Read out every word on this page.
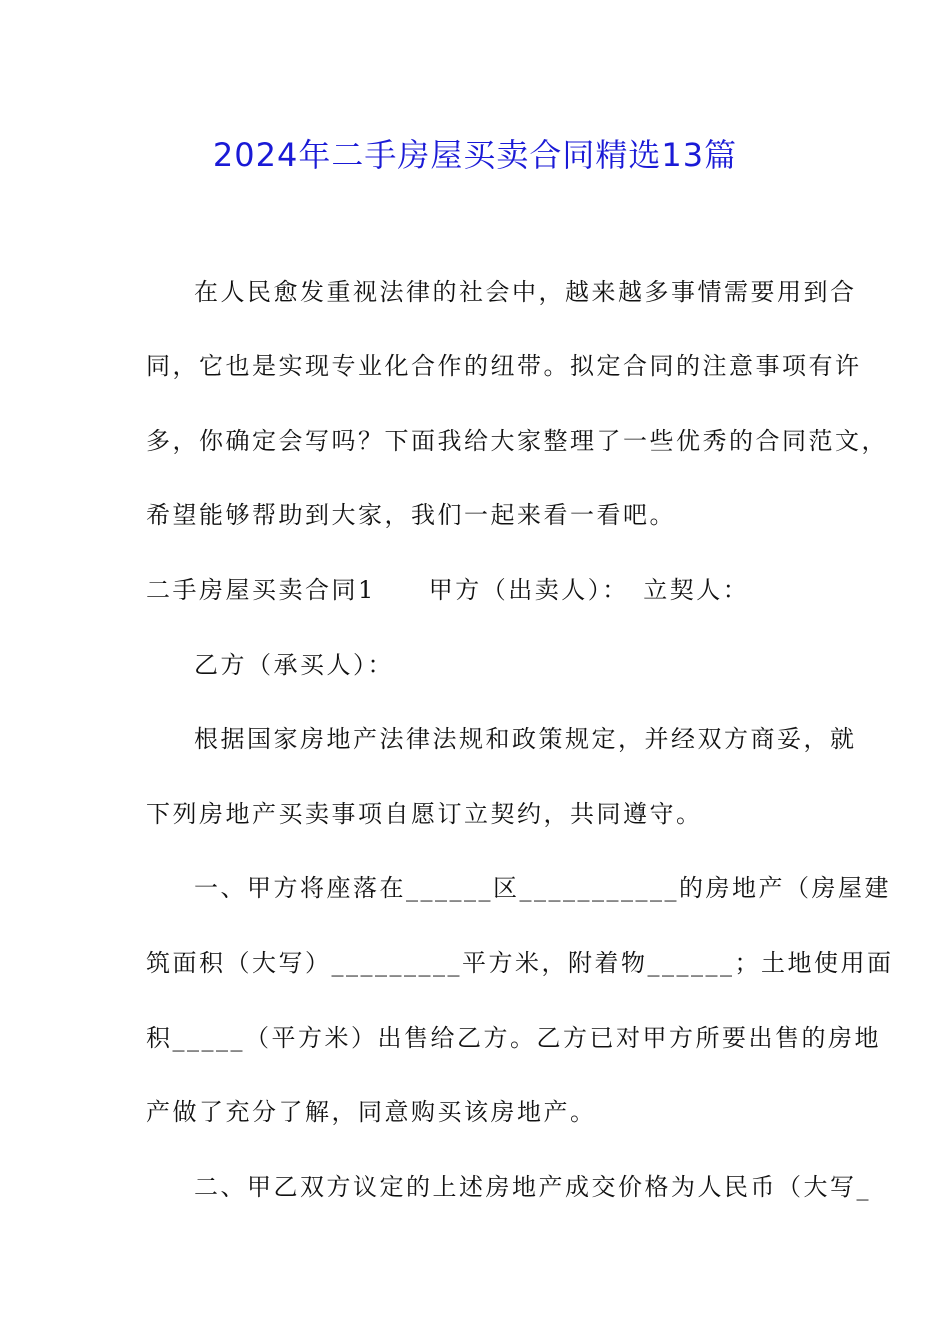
2024年二手房屋买卖合同精选13篇
在人民愈发重视法律的社会中，越来越多事情需要用到合
同，它也是实现专业化合作的纽带。拟定合同的注意事项有许
多，你确定会写吗？下面我给大家整理了一些优秀的合同范文，
希望能够帮助到大家，我们一起来看一看吧。
二手房屋买卖合同1　　甲方（出卖人）：　立契人：
乙方（承买人）：
根据国家房地产法律法规和政策规定，并经双方商妥，就
下列房地产买卖事项自愿订立契约，共同遵守。
一、甲方将座落在______区___________的房地产（房屋建
筑面积（大写）_________平方米，附着物______；土地使用面
积_____（平方米）出售给乙方。乙方已对甲方所要出售的房地
产做了充分了解，同意购买该房地产。
二、甲乙双方议定的上述房地产成交价格为人民币（大写_
